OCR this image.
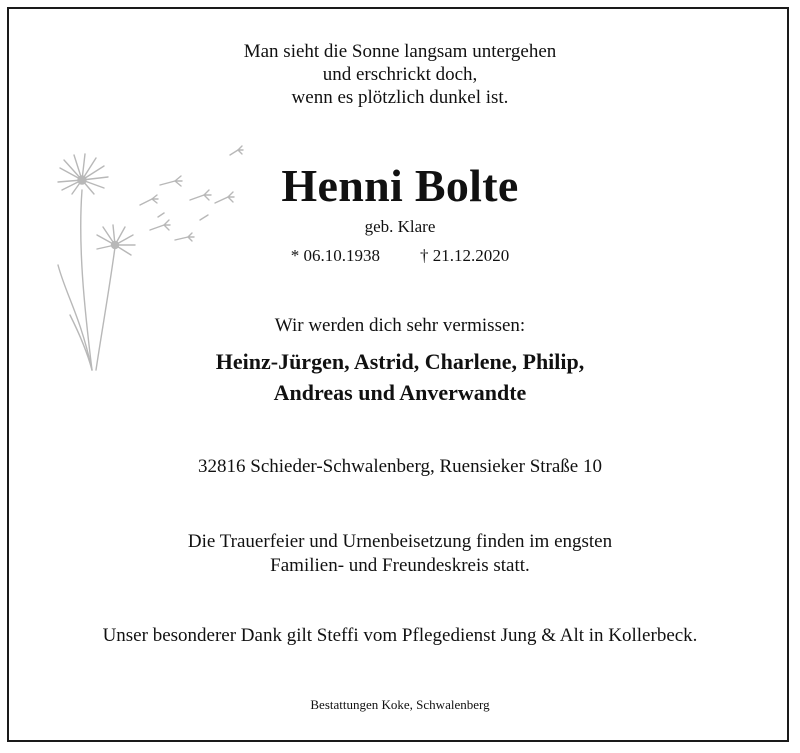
Man sieht die Sonne langsam untergehen
und erschrickt doch,
wenn es plötzlich dunkel ist.
Henni Bolte
geb. Klare
* 06.10.1938 † 21.12.2020
Wir werden dich sehr vermissen:
Heinz-Jürgen, Astrid, Charlene, Philip,
Andreas und Anverwandte
32816 Schieder-Schwalenberg, Ruensieker Straße 10
Die Trauerfeier und Urnenbeisetzung finden im engsten
Familien- und Freundeskreis statt.
Unser besonderer Dank gilt Steffi vom Pflegedienst Jung & Alt in Kollerbeck.
Bestattungen Koke, Schwalenberg
